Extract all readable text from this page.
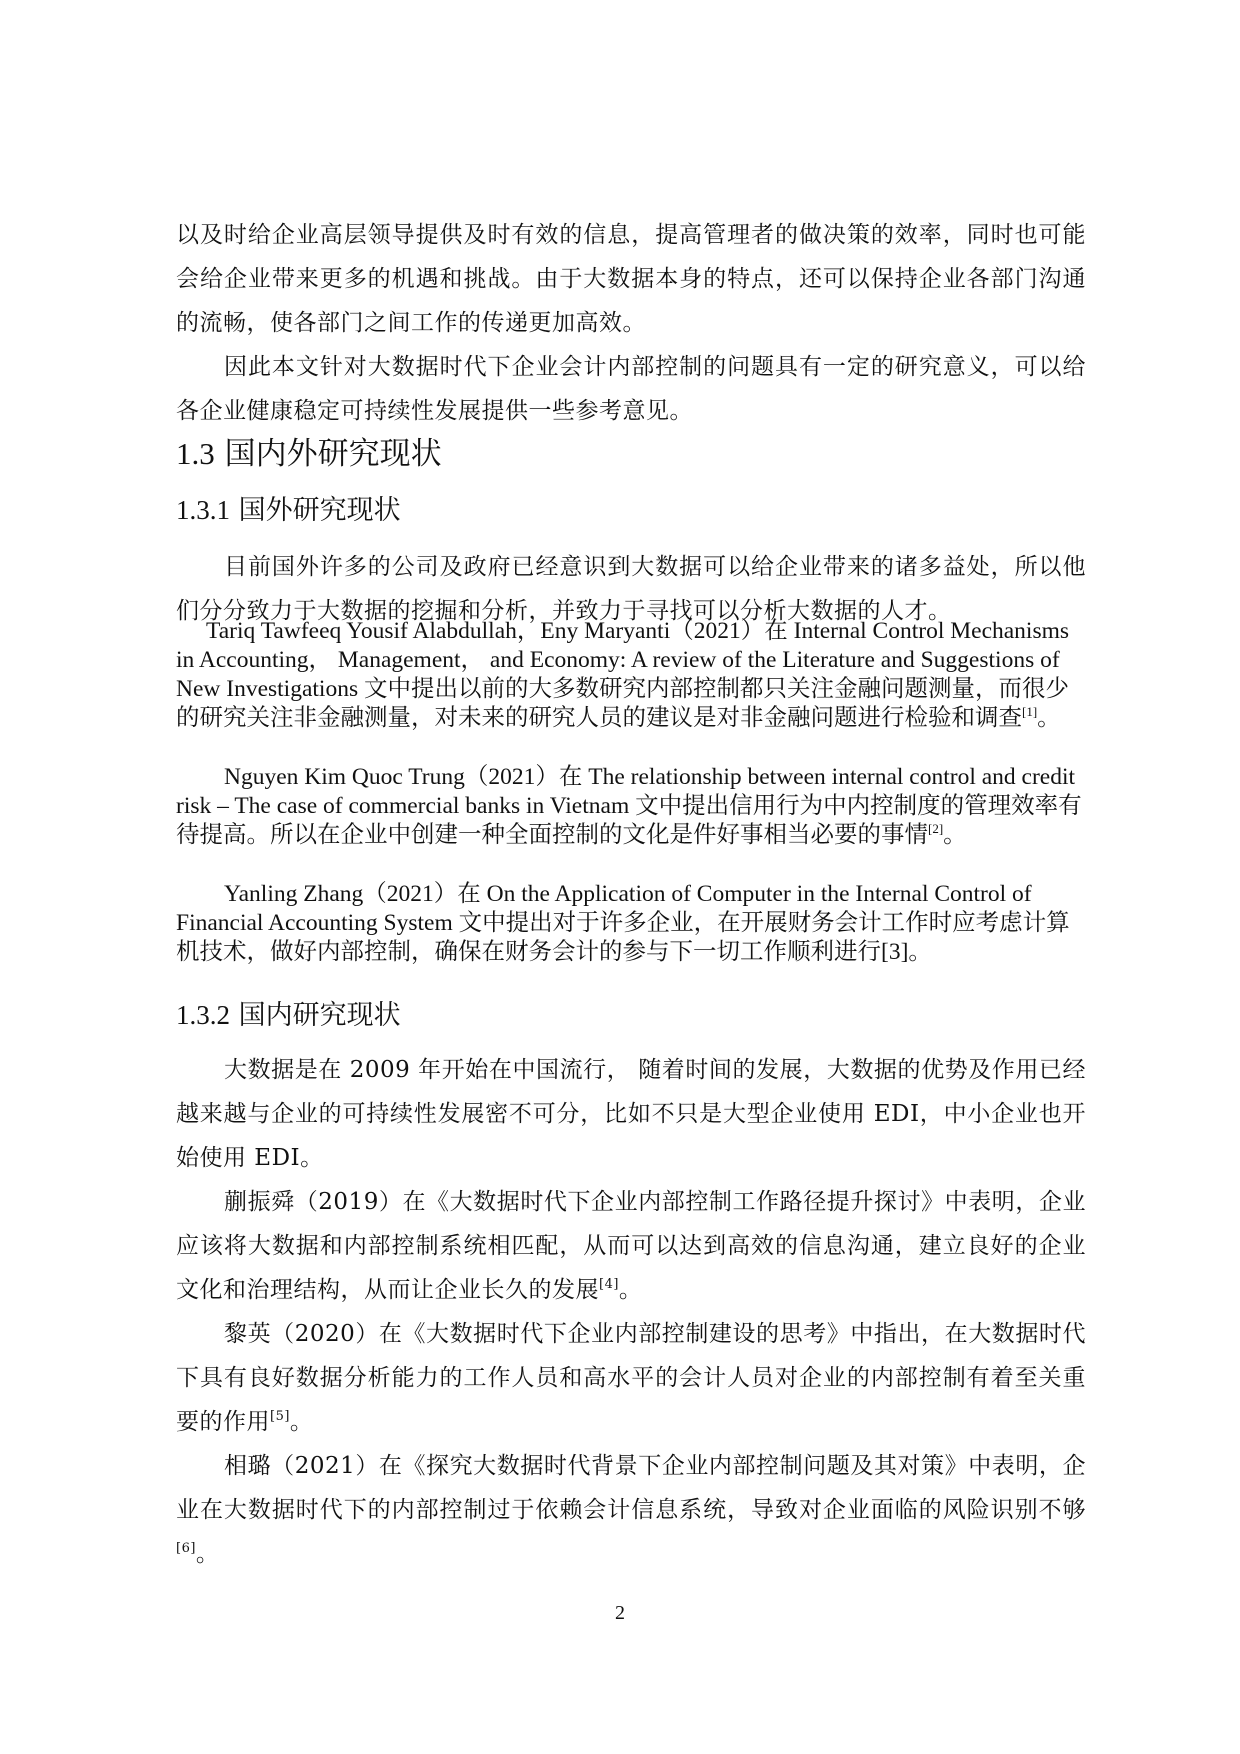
以及时给企业高层领导提供及时有效的信息，提高管理者的做决策的效率，同时也可能会给企业带来更多的机遇和挑战。由于大数据本身的特点，还可以保持企业各部门沟通的流畅，使各部门之间工作的传递更加高效。

因此本文针对大数据时代下企业会计内部控制的问题具有一定的研究意义，可以给各企业健康稳定可持续性发展提供一些参考意见。

1.3 国内外研究现状
1.3.1 国外研究现状

目前国外许多的公司及政府已经意识到大数据可以给企业带来的诸多益处，所以他们分分致力于大数据的挖掘和分析，并致力于寻找可以分析大数据的人才。

Tariq Tawfeeq Yousif Alabdullah，Eny Maryanti（2021）在 Internal Control Mechanisms in Accounting， Management， and Economy: A review of the Literature and Suggestions of New Investigations 文中提出以前的大多数研究内部控制都只关注金融问题测量，而很少的研究关注非金融测量，对未来的研究人员的建议是对非金融问题进行检验和调查[1]。

Nguyen Kim Quoc Trung（2021）在 The relationship between internal control and credit risk – The case of commercial banks in Vietnam 文中提出信用行为中内控制度的管理效率有待提高。所以在企业中创建一种全面控制的文化是件好事相当必要的事情[2]。

Yanling Zhang（2021）在 On the Application of Computer in the Internal Control of Financial Accounting System 文中提出对于许多企业，在开展财务会计工作时应考虑计算机技术，做好内部控制，确保在财务会计的参与下一切工作顺利进行[3]。

1.3.2 国内研究现状

大数据是在 2009 年开始在中国流行， 随着时间的发展，大数据的优势及作用已经越来越与企业的可持续性发展密不可分，比如不只是大型企业使用 EDI，中小企业也开始使用 EDI。

蒯振舜（2019）在《大数据时代下企业内部控制工作路径提升探讨》中表明，企业应该将大数据和内部控制系统相匹配，从而可以达到高效的信息沟通，建立良好的企业文化和治理结构，从而让企业长久的发展[4]。

黎英（2020）在《大数据时代下企业内部控制建设的思考》中指出，在大数据时代下具有良好数据分析能力的工作人员和高水平的会计人员对企业的内部控制有着至关重要的作用[5]。

相璐（2021）在《探究大数据时代背景下企业内部控制问题及其对策》中表明，企业在大数据时代下的内部控制过于依赖会计信息系统，导致对企业面临的风险识别不够[6]。

2
